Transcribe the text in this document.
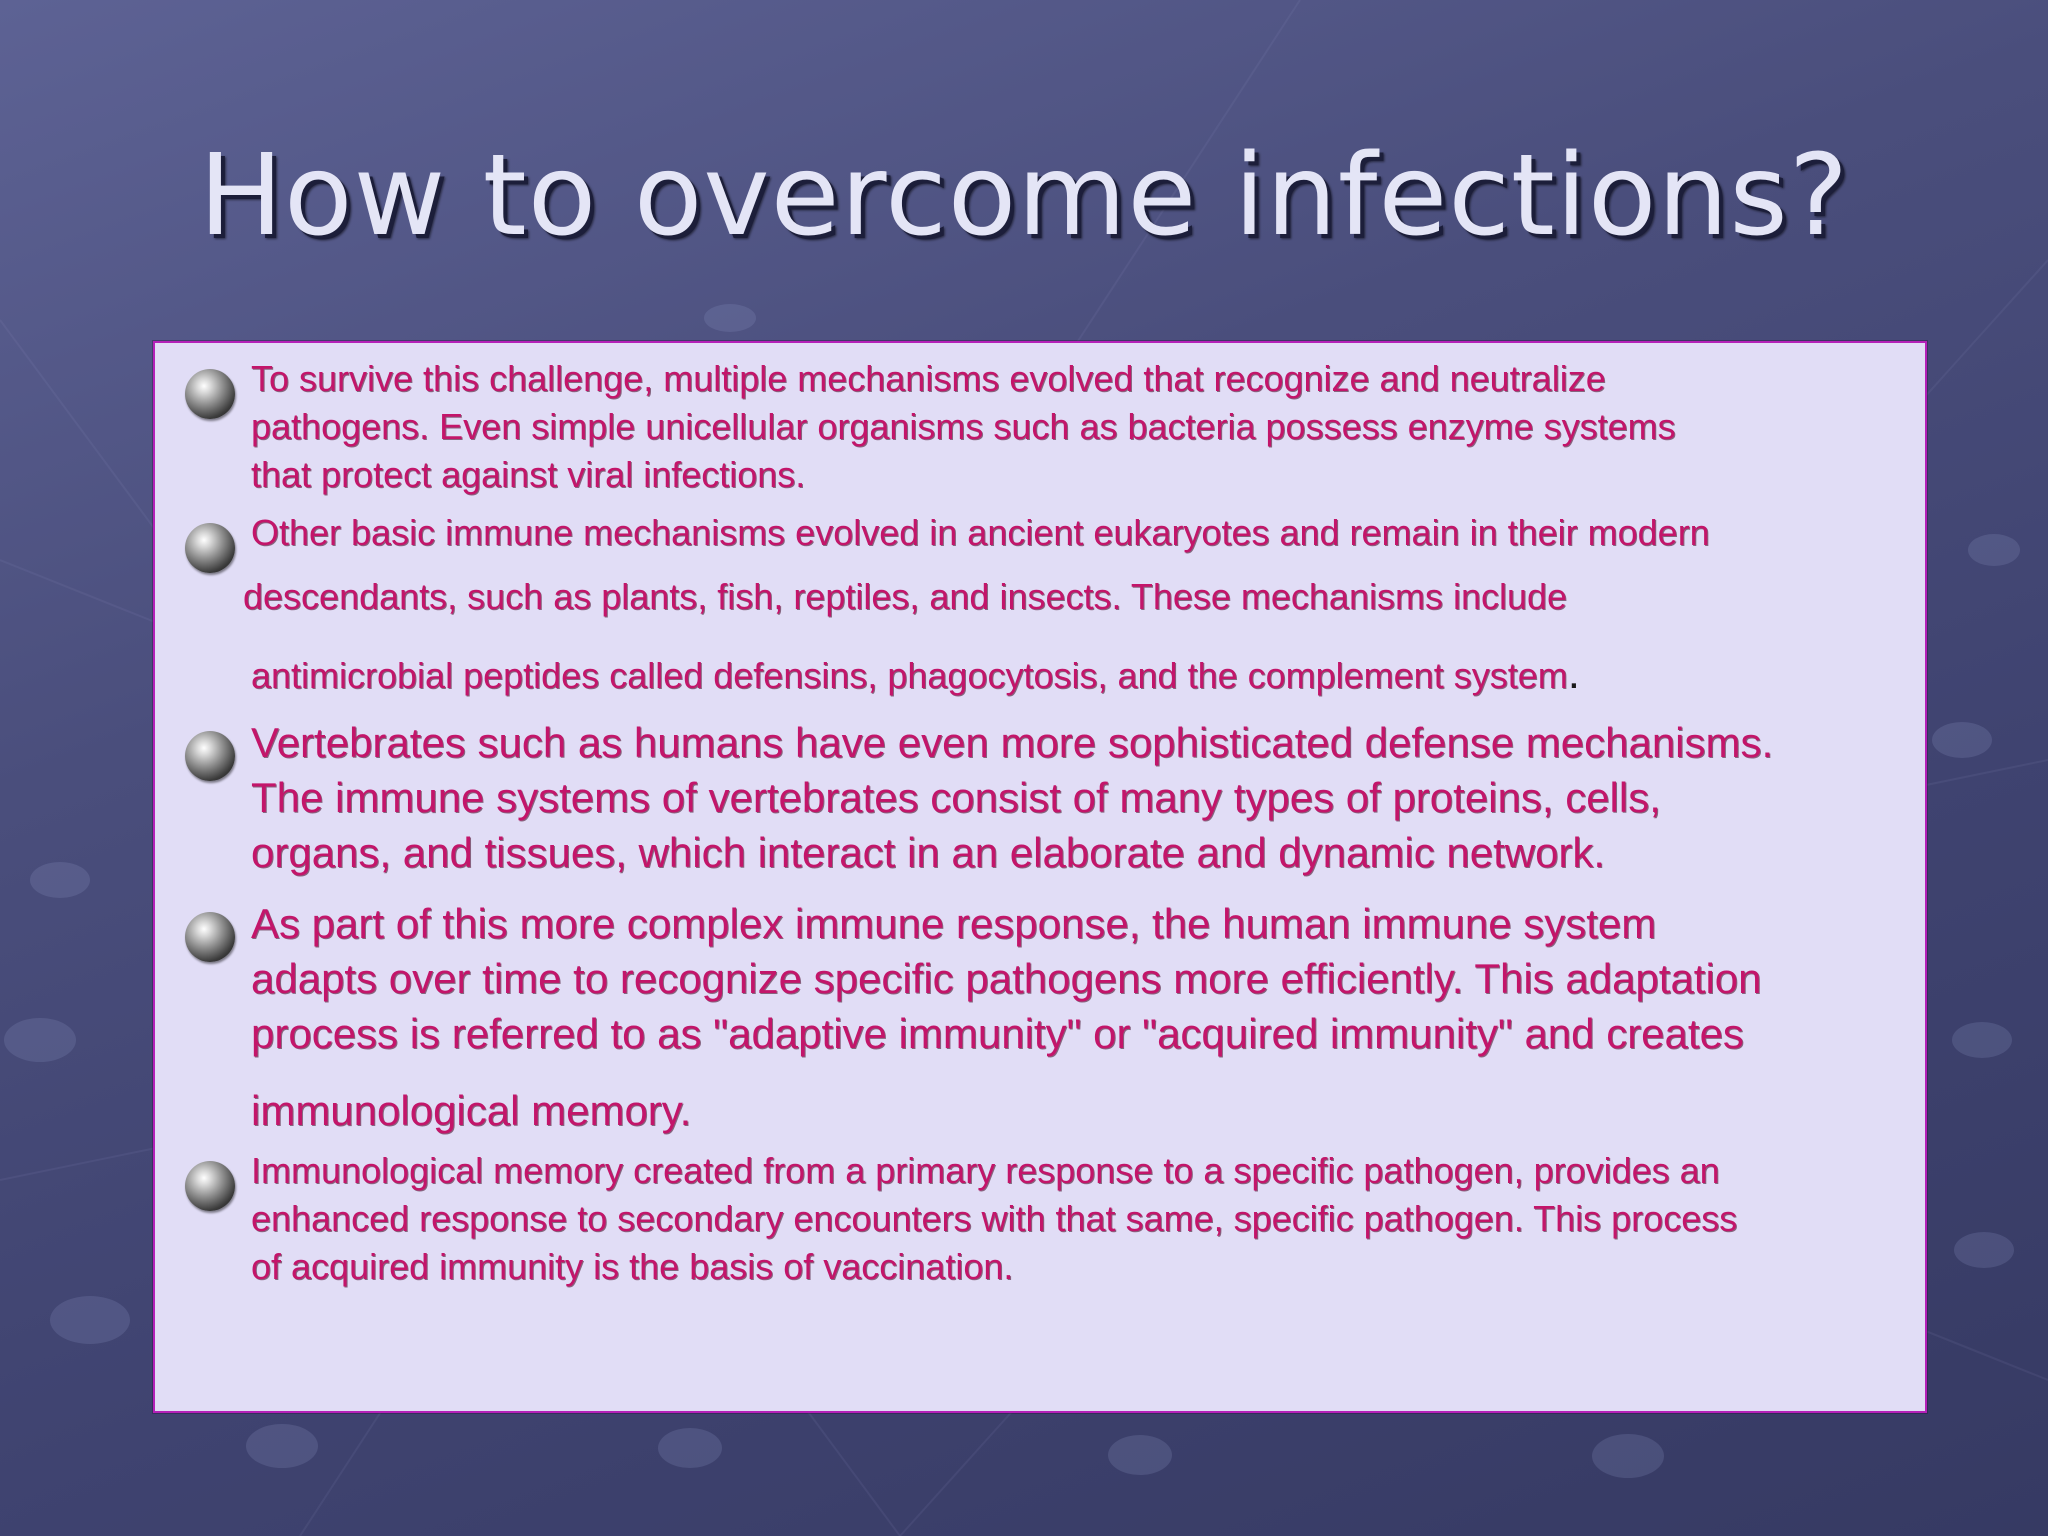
How to overcome infections?

To survive this challenge, multiple mechanisms evolved that recognize and neutralize
pathogens. Even simple unicellular organisms such as bacteria possess enzyme systems
that protect against viral infections.

Other basic immune mechanisms evolved in ancient eukaryotes and remain in their modern

descendants, such as plants, fish, reptiles, and insects. These mechanisms include

antimicrobial peptides called defensins, phagocytosis, and the complement system.

Vertebrates such as humans have even more sophisticated defense mechanisms.
The immune systems of vertebrates consist of many types of proteins, cells,
organs, and tissues, which interact in an elaborate and dynamic network.

As part of this more complex immune response, the human immune system
adapts over time to recognize specific pathogens more efficiently. This adaptation
process is referred to as "adaptive immunity" or "acquired immunity" and creates

immunological memory.

Immunological memory created from a primary response to a specific pathogen, provides an
enhanced response to secondary encounters with that same, specific pathogen. This process
of acquired immunity is the basis of vaccination.
